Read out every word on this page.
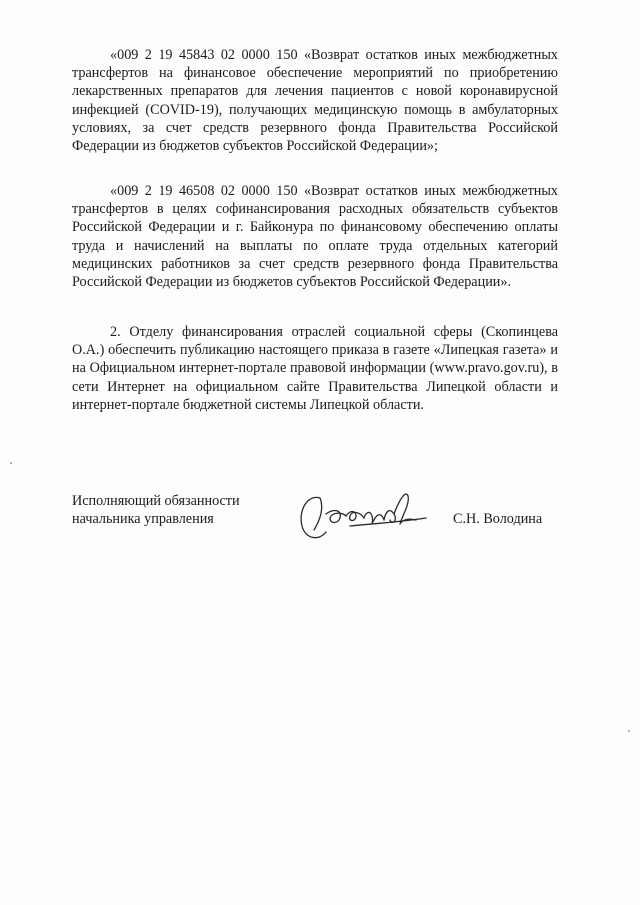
«009 2 19 45843 02 0000 150 «Возврат остатков иных межбюджетных трансфертов на финансовое обеспечение мероприятий по приобретению лекарственных препаратов для лечения пациентов с новой коронавирусной инфекцией (COVID-19), получающих медицинскую помощь в амбулаторных условиях, за счет средств резервного фонда Правительства Российской Федерации из бюджетов субъектов Российской Федерации»;

«009 2 19 46508 02 0000 150 «Возврат остатков иных межбюджетных трансфертов в целях софинансирования расходных обязательств субъектов Российской Федерации и г. Байконура по финансовому обеспечению оплаты труда и начислений на выплаты по оплате труда отдельных категорий медицинских работников за счет средств резервного фонда Правительства Российской Федерации из бюджетов субъектов Российской Федерации».

2. Отделу финансирования отраслей социальной сферы (Скопинцева О.А.) обеспечить публикацию настоящего приказа в газете «Липецкая газета» и на Официальном интернет-портале правовой информации (www.pravo.gov.ru), в сети Интернет на официальном сайте Правительства Липецкой области и интернет-портале бюджетной системы Липецкой области.

Исполняющий обязанности
начальника управления	С.Н. Володина
